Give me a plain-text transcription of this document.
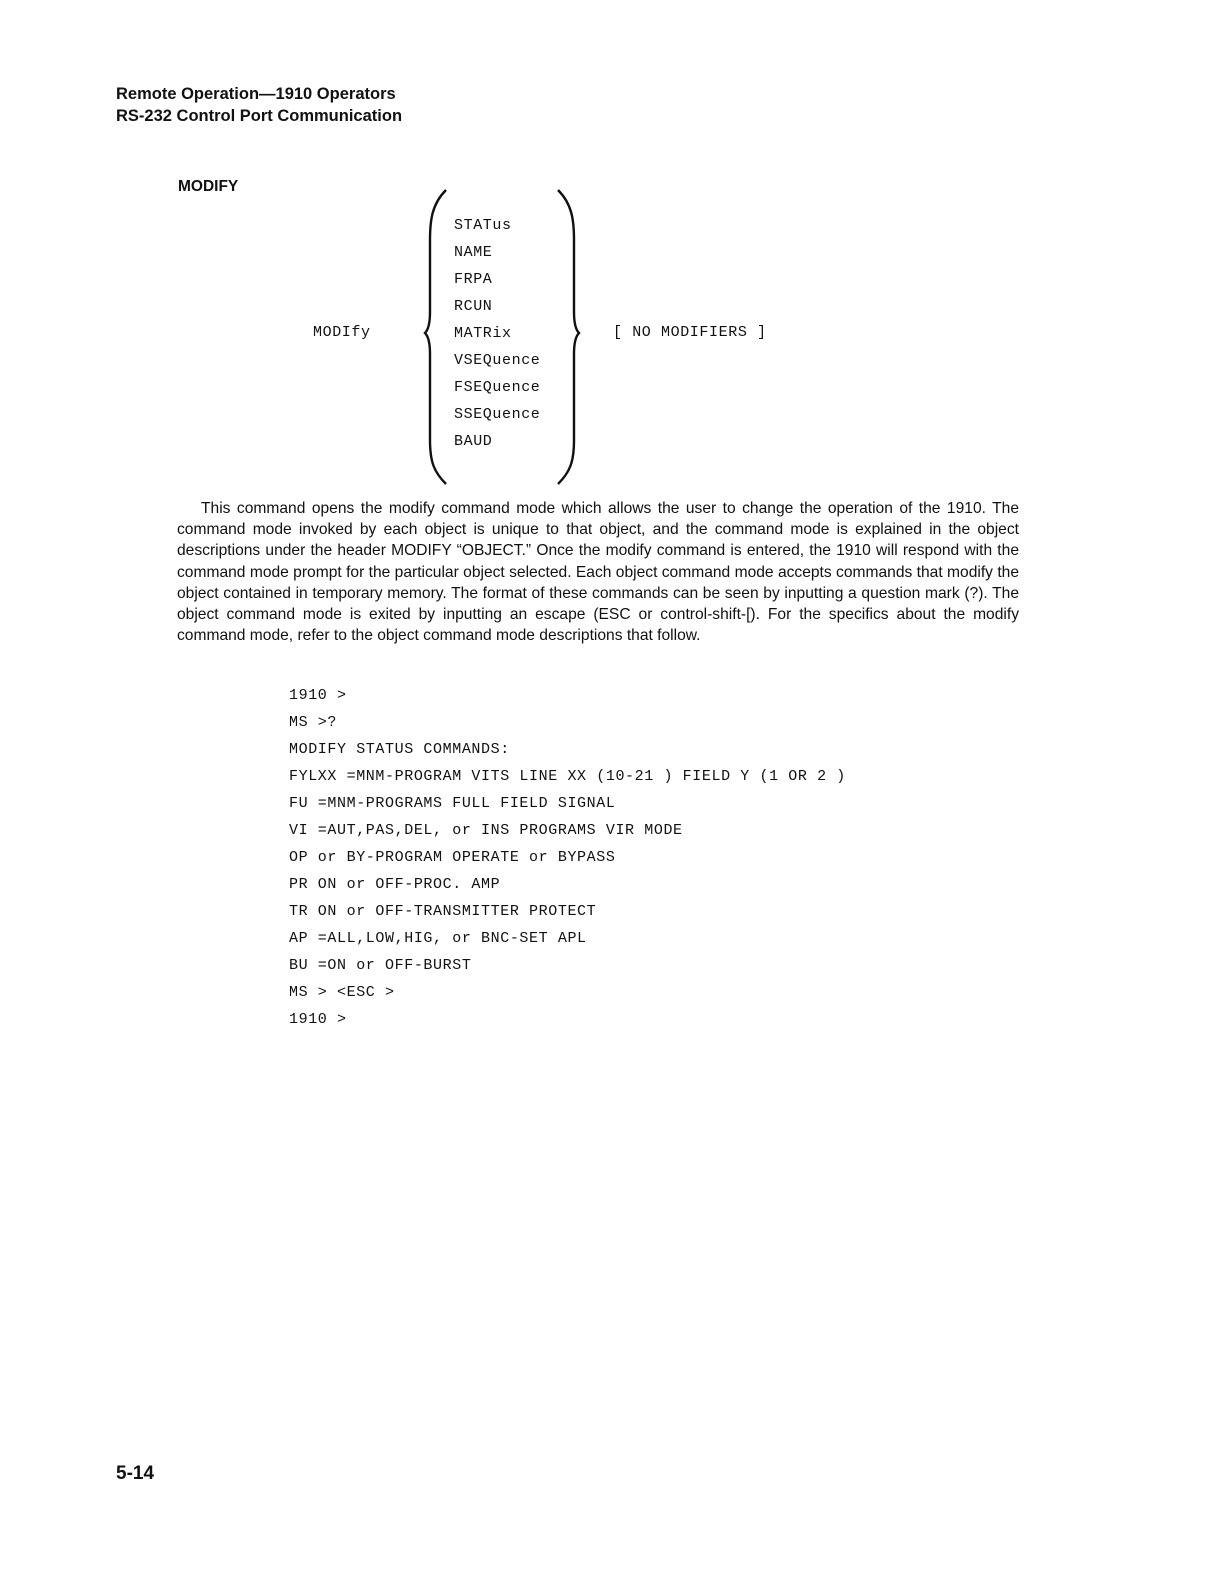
Remote Operation—1910 Operators
RS-232 Control Port Communication
MODIFY
MODIfy
STATus
NAME
FRPA
RCUN
MATRix
VSEQuence
FSEQuence
SSEQuence
BAUD
[ NO MODIFIERS ]

This command opens the modify command mode which allows the user to change the operation of the 1910. The command mode invoked by each object is unique to that object, and the command mode is explained in the object descriptions under the header MODIFY “OBJECT.” Once the modify command is entered, the 1910 will respond with the command mode prompt for the particular object selected. Each object command mode accepts commands that modify the object contained in temporary memory. The format of these commands can be seen by inputting a question mark (?). The object command mode is exited by inputting an escape (ESC or control-shift-[). For the specifics about the modify command mode, refer to the object command mode descriptions that follow.

1910 >
MS >?
MODIFY STATUS COMMANDS:
FYLXX =MNM-PROGRAM VITS LINE XX (10-21 ) FIELD Y (1 OR 2 )
FU =MNM-PROGRAMS FULL FIELD SIGNAL
VI =AUT,PAS,DEL, or INS PROGRAMS VIR MODE
OP or BY-PROGRAM OPERATE or BYPASS
PR ON or OFF-PROC. AMP
TR ON or OFF-TRANSMITTER PROTECT
AP =ALL,LOW,HIG, or BNC-SET APL
BU =ON or OFF-BURST
MS > <ESC >
1910 >
5-14
